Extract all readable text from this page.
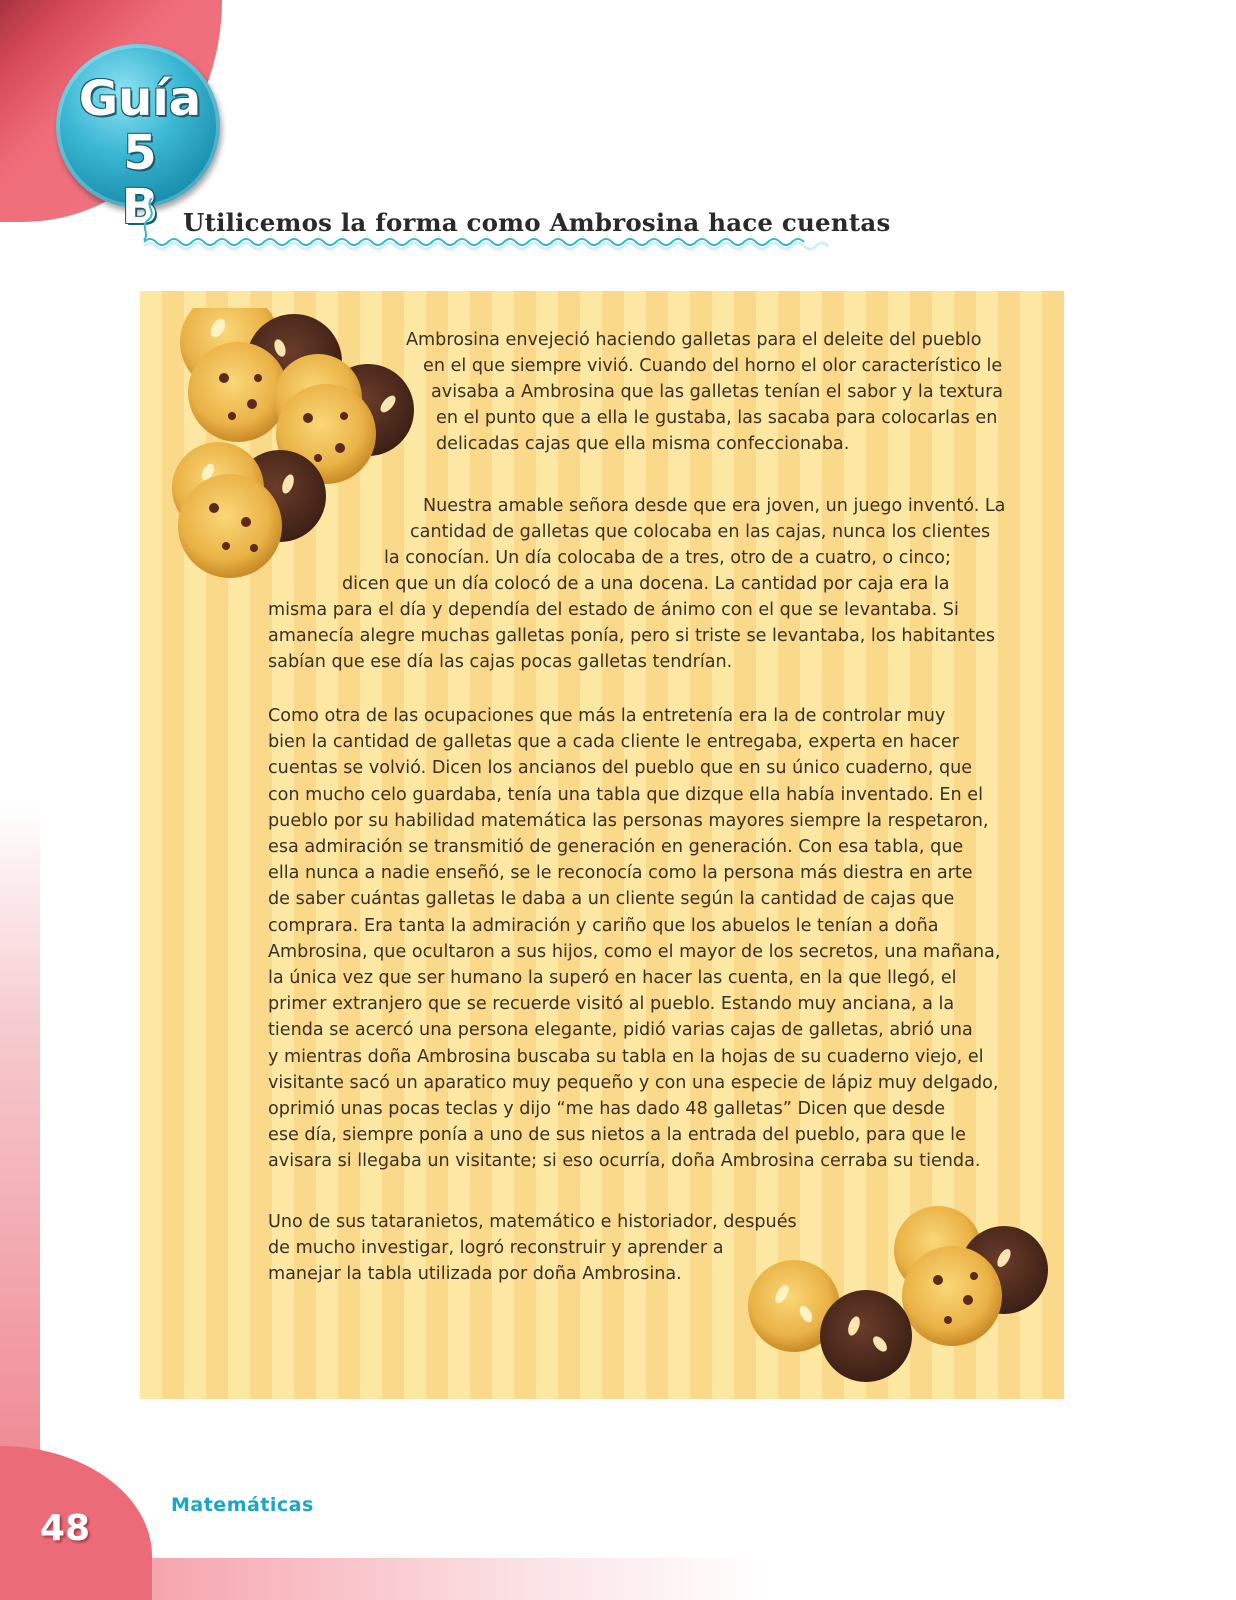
Guía 5
B	Utilicemos la forma como Ambrosina hace cuentas
Ambrosina envejeció haciendo galletas para el deleite del pueblo
en el que siempre vivió. Cuando del horno el olor característico le
avisaba a Ambrosina que las galletas tenían el sabor y la textura
en el punto que a ella le gustaba, las sacaba para colocarlas en
delicadas cajas que ella misma confeccionaba.
Nuestra amable señora desde que era joven, un juego inventó. La
cantidad de galletas que colocaba en las cajas, nunca los clientes
la conocían. Un día colocaba de a tres, otro de a cuatro, o cinco;
dicen que un día colocó de a una docena. La cantidad por caja era la
misma para el día y dependía del estado de ánimo con el que se levantaba. Si
amanecía alegre muchas galletas ponía, pero si triste se levantaba, los habitantes
sabían que ese día las cajas pocas galletas tendrían.
Como otra de las ocupaciones que más la entretenía era la de controlar muy
bien la cantidad de galletas que a cada cliente le entregaba, experta en hacer
cuentas se volvió. Dicen los ancianos del pueblo que en su único cuaderno, que
con mucho celo guardaba, tenía una tabla que dizque ella había inventado. En el
pueblo por su habilidad matemática las personas mayores siempre la respetaron,
esa admiración se transmitió de generación en generación. Con esa tabla, que
ella nunca a nadie enseñó, se le reconocía como la persona más diestra en arte
de saber cuántas galletas le daba a un cliente según la cantidad de cajas que
comprara. Era tanta la admiración y cariño que los abuelos le tenían a doña
Ambrosina, que ocultaron a sus hijos, como el mayor de los secretos, una mañana,
la única vez que ser humano la superó en hacer las cuenta, en la que llegó, el
primer extranjero que se recuerde visitó al pueblo. Estando muy anciana, a la
tienda se acercó una persona elegante, pidió varias cajas de galletas, abrió una
y mientras doña Ambrosina buscaba su tabla en la hojas de su cuaderno viejo, el
visitante sacó un aparatico muy pequeño y con una especie de lápiz muy delgado,
oprimió unas pocas teclas y dijo “me has dado 48 galletas” Dicen que desde
ese día, siempre ponía a uno de sus nietos a la entrada del pueblo, para que le
avisara si llegaba un visitante; si eso ocurría, doña Ambrosina cerraba su tienda.
Uno de sus tataranietos, matemático e historiador, después
de mucho investigar, logró reconstruir y aprender a
manejar la tabla utilizada por doña Ambrosina.
48
Matemáticas
